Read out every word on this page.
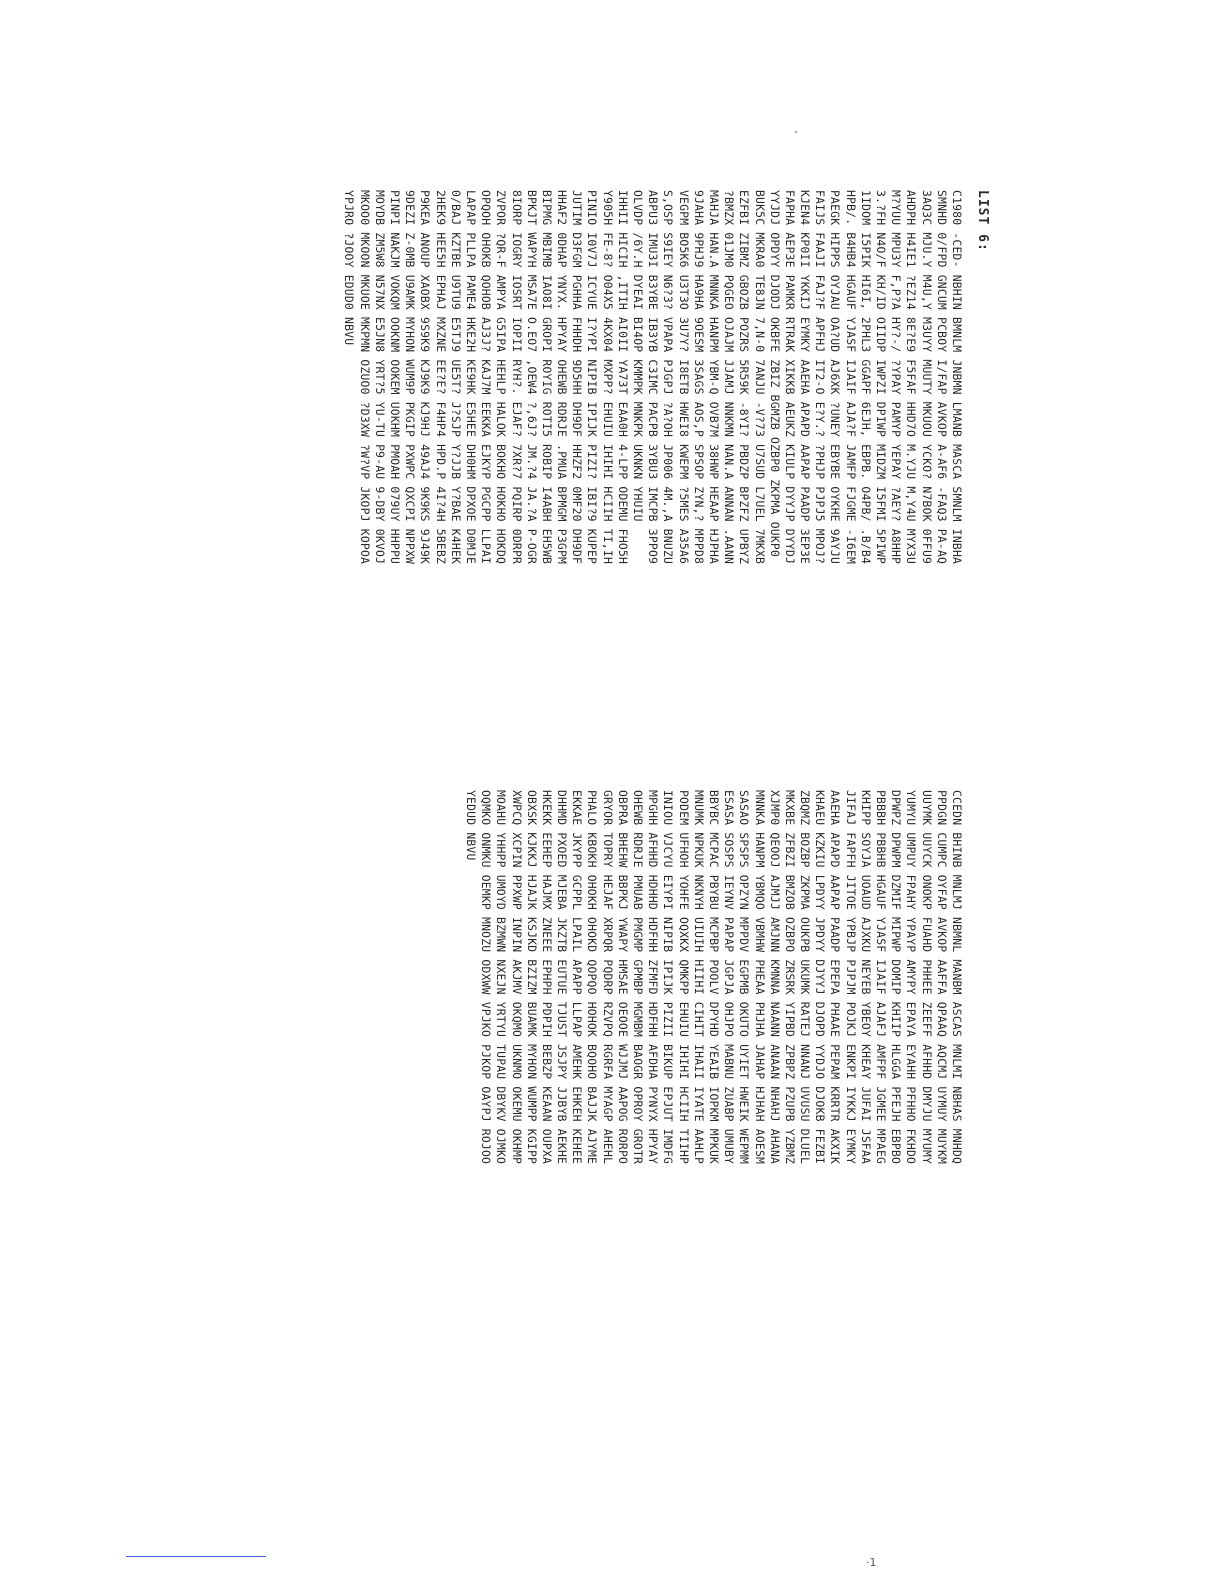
LIST 6:
C1980 -CED- NBHIN BMNLM JNBMN LMANB MASCA SMNLM INBHA
SMNHD 0/FPD GNCUM PCBOY I/FAP AVKOP A-AF6 -FAQ3 PA-AQ
3AQ3C MJU.Y M4U,Y M3UYY MUUTY MKUOU YCKO? N7BOK 0FFU9
AHDPH H4IE1 ?EZ14 8E?E9 F5FAF HHD7O M.YJU M,Y4U MYX3U
M?YUU MPU3Y F,P?A HY?-/ ?YPAY PAMYP YEPAY ?AEY? A8HHP
3.?FH N4O/F KH/ID OIIDP IWPZI DPIWP MIDZM I5FMI 5PIWP
1IDOM I5PIK HI6I, 2PHL3 GGAPF 6EJH, EBPB. O4PB/ .B/B4
HPB/. B4HB4 HGAUF YJASF IJAIF AJA?F JAMFP FJGME -I6EM
PAEGK HIPPS OYJAU OA?UD AJ6XK ?UNEY EBYBE OYKHE 9AYJU
FAIJS FAAJI FAJ?F APFHJ IT2-O E?Y.? ?PHJP PJPJ5 MPOJ?
KJEN4 KP0II YKKIJ EYMKY AAEHA APAPD AAPAP PAADP 3EP3E
FAPHA AEP3E PAMKR RTRAK XIKKB AEUKZ KIULP DYYJP DYYDJ
YYJDJ OPDYY DJODJ OKBFE ZBIZ BGMZB OZBP0 ZKPMA OUKP0
BUK5C MKRA0 TE8JN 7,N-0 7ANJU -V?73 U7SUD L7UEL 7MKXB
EZFBI ZIBMZ GBOZB POZRS 5R59K -8YI? PBDZP BPZFZ UPBYZ
?BMZX 01JM0 PQGEO OJAJM JJAMJ NNKMN NAN.A ANNAN .AANN
MAHJA HAN.A MNNKA HANPM YBM-Q OVB7M 38HWP HEAAP HJPHA
9JAHA 9PHJ9 HA9HA 9OESM 3SAGS AOS,P SPSOP ZYN,? MPPD8
VEGPM BO5K6 U3T3O 3U7Y? I8ETB HWEI8 KWEPM ?5MES A35A6
S,OSP S9IEY N6?3? VPAPA PJGPJ ?A?OH JP006 4M.,A BNUZU
ABPU3 IMU3I B3YBE IB3YB C3IMC PACPB 3YBU3 IMCPB 3PPO9
OLVDP /6Y.H DYEAI BI4OP KMMPK MNKPK UKNKN YHUIU
IHHII HICIH ,ITIH AI0II YA73T EAA0H 4-LPP ODEMU FHO5H
Y905H FE-8? O04X5 4KX04 MXPP? EHUIU IHIHI HCIIH TI,IH
PINIO I0V7J ICYUE I?YPI NIPIB IPIJK PIZI? IBI?9 KUPEP
JUTIM D3FGM PGHHA FHHDH 9D5HH DH9DF HHZF2 0MF20 DH9DF
HHAF2 0DHAP YNYX. HPYAY OHEWB RDRJE .PMUA BPMGM P3GPM
BIPMG MBIMB IAO8I GROPI ROYIG ROTI5 ROBIP I4ABH EH5WB
BPKJT WAPYH MSA7E O.EO7 ,OEW4 ?,6J? JM.?4 JA.?A P-OGR
8IORP IOGRY IOSRT IOPII RYH?. EJAF? 7XR?7 PQIRP 0DRPR
ZVPOR ?QR-F AMPYA G5IPA HEHLP HALOK BOKHO HOKHO HOKDQ
OPQOH OHOKB QOHOB AJ3J? KAJ7M EEKKA EJKYP PGCPP LLPAI
LAPAP PLLPA PAME4 HKE2H KE9HK E5HEE DH0HM DPXOE D0MJE
0/BAJ KZTBE U9TU9 E5TJ9 UE5T? J?SJP Y?JJB Y?BAE K4HEK
2HEK9 HEE5H EPHAJ MXZNE EE?E? F4HP4 HPD.P 4I?4H 5BEBZ
P9KEA ANOUP XAOBX 9S9K9 KJ9K9 KJ9HJ 49AJ4 9K9KS 9J49K
9DEZI Z-0MB U9AMK MYHON WUM9P PKGIP PXWPC QXCPI NPPXW
PINPI NAKJM VOKQM OOKNM OOKEM UOKHM PMOAH 079UY HHPPU
MOYDB ZM5W8 N57NX E5JN8 YRT?5 YU-TU P9-AU 9-DBY 0KVOJ
MKOO0 MKOON MKUOE MKPMN OZUO0 ?D3XW ?W?VP JKOPJ KOPOA
YPJRO ?JOOY EDUD0 NBVU
CCEDN BHINB MNLMJ NBMNL MANBM ASCAS MNLMI NBHAS MNHDQ
PPDGN CUMPC OYFAP AVKOP AAFFA QPAAQ AQCMJ UYMUY MUYKM
UUYMK UUYCK ONOKP FUAHD PHHEE ZEEFF AFHHD DMYJU MYUMY
YUMYU UMPUY FPAHY YPAYP AMYPY EPAYA EYAHH PFHHO FKHDO
DPWPZ DPWPM DZMIF MIPWP DOMIP KHIIP HLGGA PFEJH EBPBO
PBBBH PBBHB HGAUF YJASF IJAIF AJAFJ AMFPF JGMEE MPAEG
KHIPP SOYJA UOAUD AJXKU NEYEB YBEOY KHEAY JUFAI JSFAA
JIFAJ FAPFH JITOE YPBJP PJPJM POJKJ ENKPI IYKKJ EYMKY
AAEHA APAPD AAPAP PAADP EPEPA PHAAE PEPAM KRRTR AKXIK
KHAEU KZKIU LPDYY JPDYY DJYYJ DJOPD YYDJO DJOKB FEZBI
ZBQMZ BOZBP ZKPMA OUKPB UKUMK RATEJ NNANJ UVUSU DLUEL
MKXBE ZFBZI BMZOB OZBPO ZRSRK YIPBD ZPBPZ PZUPB YZBMZ
XJMP0 QEOOJ AJMJJ AMJNN KMNNA NAANN ANAAN NHAHJ AHANA
MNNKA HANPM YBMQO VBMHW PHEAA PHJHA JAHAP HJHAH AOESM
SASAO SPSPS OPZYN MPPDV EGPMB OKUTO UYIET HWEIK WEPMM
ESASA SOSPS IEYNV PAPAP JGPJA OHJPO MABNU ZUABP UMUBY
BBYBC MCPAC PBYBU MCPBP POOLV DPYHD YEAIB IOPKM MPKUK
MNUMK NPKUK NKNYH UIUIH HIIHI CIHIT IHAII IYATE AAHLP
PODEM UFHOH YOHFE OQXKX QMKPP EHUIU IHIHI HCIIH TIIHP
INIOU VJCYU EIYPI NIPIB IPIJK PIZII BIKUP EPJUT IMDFG
MPGHH AFHHD HDHHD HDFHH ZFMFD HDFHH AFDHA PYNYX HPYAY
OHEWB RDRJE PMUAB PMGMP GPMBP MGMBM BAOGR OPROY GROTR
OBPRA BHEHW BBPKJ YWAPY HMSAE OEOOE WJJMJ AAPOG RORPO
GRYOR TOPRY HEJAF XRPQR PQDRP RZVPQ RGRFA MYAGP AHEHL
PHALO KBOKH OHOKH OHOKD QOPQO HOHOK BQOHO BAJJK AJYME
EKKAE JKYPP GCPPL LPAIL APAPP LLPAP AMEHK EHKEH KEHEE
DHHMD PXOED MJEBA JKZTB EUTUE TJUST JSJPY JJBYB AEKHE
HKEKK EEHEP HAJMX ZNEEE EPHPH PDPIH BEBZP KEAAN OUPXA
OBXSK KJKKJ HJAJK KSJKD BZIZM BUAMK MYHON WUMPP KGIPP
XWPCQ XCPIN PPXWP INPIN AKJMV OKQMO UKNMO OKEMU OKHMP
MOAHU YHHPP UMOYD BZMWN NXEJN YRTYU TUPAU DBYKV OJMKO
OQMKO ONMKU OEMKP MNOZU ODXWW VPJKO PJKOP OAYPJ ROJOO
YEDUD NBVU
·1
